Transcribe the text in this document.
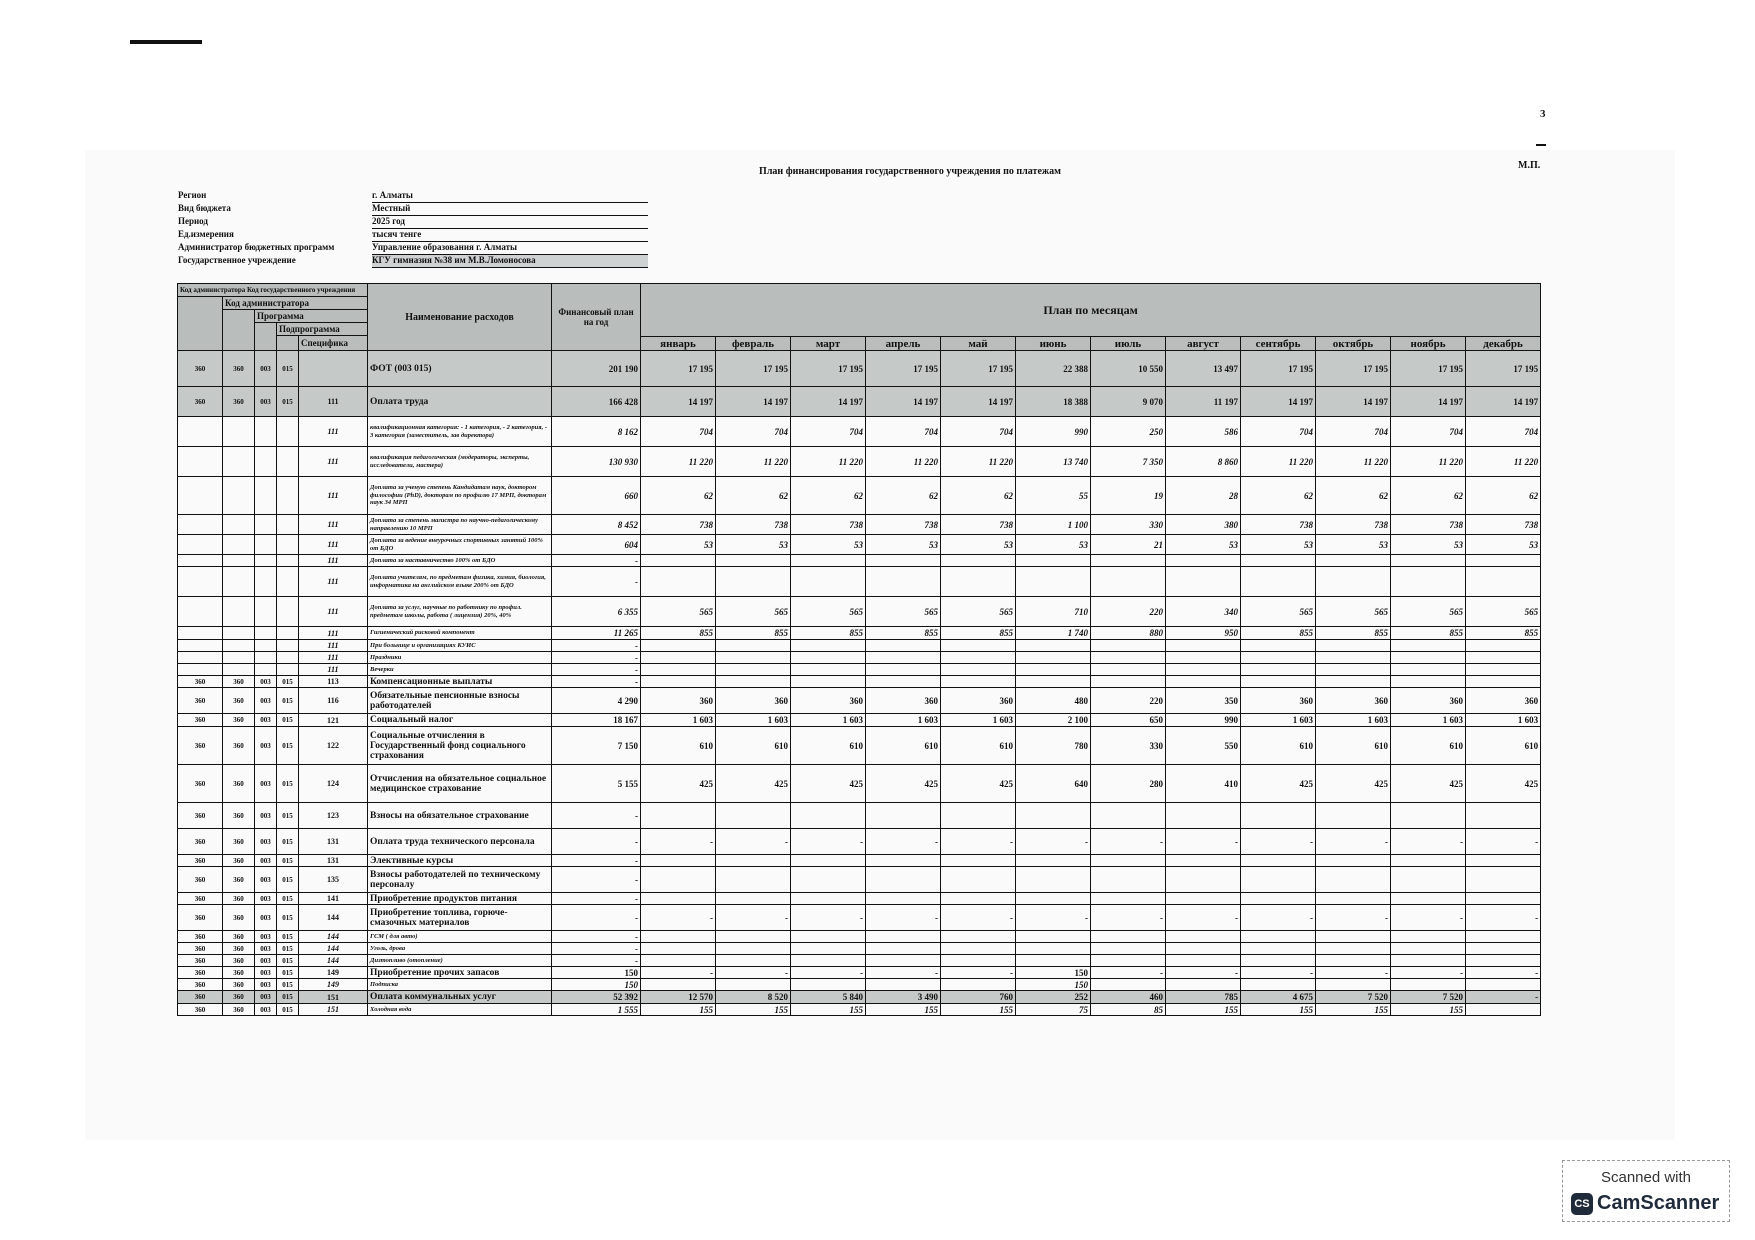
3
М.П.
План финансирования государственного учреждения по платежам
Регион	г. Алматы
Вид бюджета	Местный
Период	2025 год
Ед.измерения	тысяч тенге
Администратор бюджетных программ	Управление образования г. Алматы
Государственное учреждение	КГУ гимназия №38 им М.В.Ломоносова
Код администратора Код государственного учреждения					Наименование расходов	Финансовый план на год	План по месяцам											
	Код администратора																	
		Программа																
			Подпрограмма															
				Специфика														
							январь	февраль	март	апрель	май	июнь	июль	август	сентябрь	октябрь	ноябрь	декабрь
360	360	003	015		ФОТ (003 015)	201 190	17 195	17 195	17 195	17 195	17 195	22 388	10 550	13 497	17 195	17 195	17 195	17 195
360	360	003	015	111	Оплата труда	166 428	14 197	14 197	14 197	14 197	14 197	18 388	9 070	11 197	14 197	14 197	14 197	14 197
				111	квалификационная категория: - 1 категория, - 2 категория, - 3 категория (заместитель, зав директора)	8 162	704	704	704	704	704	990	250	586	704	704	704	704
				111	квалификация педагогическая (модераторы, эксперты, исследователи, мастера)	130 930	11 220	11 220	11 220	11 220	11 220	13 740	7 350	8 860	11 220	11 220	11 220	11 220
				111	Доплата за ученую степень Кандидатам наук, доктором философии (PhD), докторам по профилю 17 МРП, докторам наук 34 МРП	660	62	62	62	62	62	55	19	28	62	62	62	62
				111	Доплата за степень магистра по научно-педагогическому направлению 10 МРП	8 452	738	738	738	738	738	1 100	330	380	738	738	738	738
				111	Доплата за ведение внеурочных спортивных занятий 100% от БДО	604	53	53	53	53	53	53	21	53	53	53	53	53
				111	Доплата за наставничество 100% от БДО	-												
				111	Доплата учителям, по предметам физика, химия, биология, информатика на английском языке 200% от БДО	-												
				111	Доплата за услуг, научные по работнику по профил. предметам школы, работа ( лицензия) 20%, 40%	6 355	565	565	565	565	565	710	220	340	565	565	565	565
				111	Гигиенический рисковой компонент	11 265	855	855	855	855	855	1 740	880	950	855	855	855	855
				111	При больнице и организациях КУИС	-												
				111	Праздники	-												
				111	Вечерки	-												
360	360	003	015	113	Компенсационные выплаты	-												
360	360	003	015	116	Обязательные пенсионные взносы работодателей	4 290	360	360	360	360	360	480	220	350	360	360	360	360
360	360	003	015	121	Социальный налог	18 167	1 603	1 603	1 603	1 603	1 603	2 100	650	990	1 603	1 603	1 603	1 603
360	360	003	015	122	Социальные отчисления в Государственный фонд социального страхования	7 150	610	610	610	610	610	780	330	550	610	610	610	610
360	360	003	015	124	Отчисления на обязательное социальное медицинское страхование	5 155	425	425	425	425	425	640	280	410	425	425	425	425
360	360	003	015	123	Взносы на обязательное страхование	-												
360	360	003	015	131	Оплата труда технического персонала	-	-	-	-	-	-	-	-	-	-	-	-	-
360	360	003	015	131	Элективные курсы	-												
360	360	003	015	135	Взносы работодателей по техническому персоналу	-												
360	360	003	015	141	Приобретение продуктов питания	-												
360	360	003	015	144	Приобретение топлива, горюче-смазочных материалов	-	-	-	-	-	-	-	-	-	-	-	-	-
360	360	003	015	144	ГСМ ( для авто)	-												
360	360	003	015	144	Уголь, дрова	-												
360	360	003	015	144	Дизтопливо (отопление)	-												
360	360	003	015	149	Приобретение прочих запасов	150	-	-	-	-	-	150	-	-	-	-	-	-
360	360	003	015	149	Подписка	150						150						
360	360	003	015	151	Оплата коммунальных услуг	52 392	12 570	8 520	5 840	3 490	760	252	460	785	4 675	7 520	7 520	-
360	360	003	015	151	Холодная вода	1 555	155	155	155	155	155	75	85	155	155	155	155	
Scanned with
CS CamScanner
